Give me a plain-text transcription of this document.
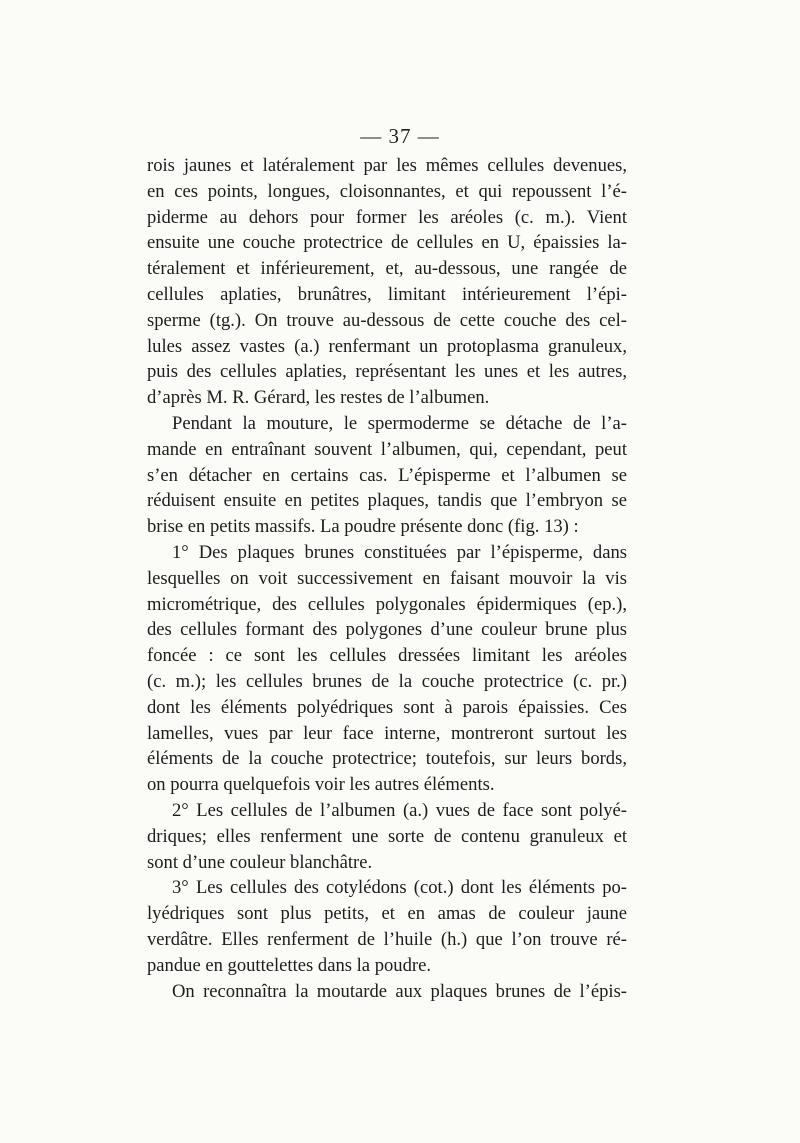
— 37 —
rois jaunes et latéralement par les mêmes cellules devenues,
en ces points, longues, cloisonnantes, et qui repoussent l’é-
piderme au dehors pour former les aréoles (c. m.). Vient
ensuite une couche protectrice de cellules en U, épaissies la-
téralement et inférieurement, et, au-dessous, une rangée de
cellules aplaties, brunâtres, limitant intérieurement l’épi-
sperme (tg.). On trouve au-dessous de cette couche des cel-
lules assez vastes (a.) renfermant un protoplasma granuleux,
puis des cellules aplaties, représentant les unes et les autres,
d’après M. R. Gérard, les restes de l’albumen.
Pendant la mouture, le spermoderme se détache de l’a-
mande en entraînant souvent l’albumen, qui, cependant, peut
s’en détacher en certains cas. L’épisperme et l’albumen se
réduisent ensuite en petites plaques, tandis que l’embryon se
brise en petits massifs. La poudre présente donc (fig. 13) :
1° Des plaques brunes constituées par l’épisperme, dans
lesquelles on voit successivement en faisant mouvoir la vis
micrométrique, des cellules polygonales épidermiques (ep.),
des cellules formant des polygones d’une couleur brune plus
foncée : ce sont les cellules dressées limitant les aréoles
(c. m.); les cellules brunes de la couche protectrice (c. pr.)
dont les éléments polyédriques sont à parois épaissies. Ces
lamelles, vues par leur face interne, montreront surtout les
éléments de la couche protectrice; toutefois, sur leurs bords,
on pourra quelquefois voir les autres éléments.
2° Les cellules de l’albumen (a.) vues de face sont polyé-
driques; elles renferment une sorte de contenu granuleux et
sont d’une couleur blanchâtre.
3° Les cellules des cotylédons (cot.) dont les éléments po-
lyédriques sont plus petits, et en amas de couleur jaune
verdâtre. Elles renferment de l’huile (h.) que l’on trouve ré-
pandue en gouttelettes dans la poudre.
On reconnaîtra la moutarde aux plaques brunes de l’épis-
